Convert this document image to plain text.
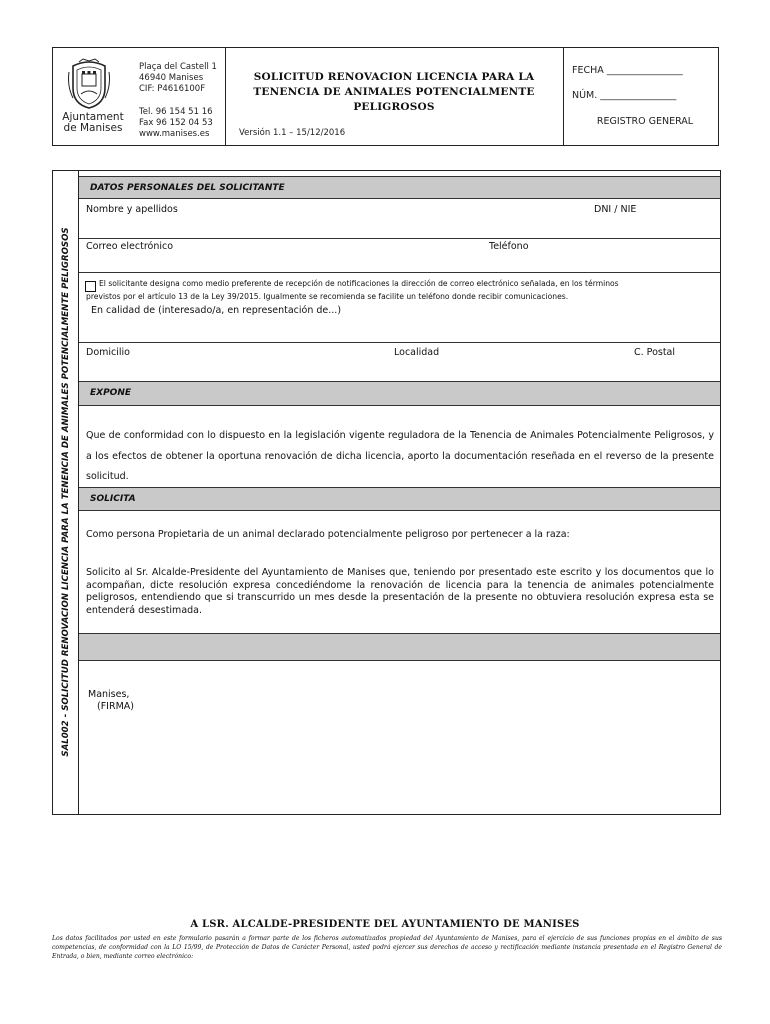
Ajuntament
de Manises
Plaça del Castell 1
46940 Manises
CIF: P4616100F
Tel. 96 154 51 16
Fax 96 152 04 53
www.manises.es
SOLICITUD RENOVACION LICENCIA PARA LA
TENENCIA DE ANIMALES POTENCIALMENTE
PELIGROSOS
Versión 1.1 – 15/12/2016
FECHA ________________
NÚM. ________________
REGISTRO GENERAL
SAL002 - SOLICITUD RENOVACION LICENCIA PARA LA TENENCIA DE ANIMALES POTENCIALMENTE PELIGROSOS
DATOS PERSONALES DEL SOLICITANTE
Nombre y apellidos	DNI / NIE
Correo electrónico	Teléfono
El solicitante designa como medio preferente de recepción de notificaciones la dirección de correo electrónico señalada, en los términos
previstos por el artículo 13 de la Ley 39/2015. Igualmente se recomienda se facilite un teléfono donde recibir comunicaciones.
En calidad de (interesado/a, en representación de...)
Domicilio	Localidad	C. Postal
EXPONE
Que de conformidad con lo dispuesto en la legislación vigente reguladora de la Tenencia de Animales Potencialmente Peligrosos, y a los efectos de obtener la oportuna renovación de dicha licencia, aporto la documentación reseñada en el reverso de la presente solicitud.
SOLICITA
Como persona Propietaria de un animal declarado potencialmente peligroso por pertenecer a la raza:
Solicito al Sr. Alcalde-Presidente del Ayuntamiento de Manises que, teniendo por presentado este escrito y los documentos que lo acompañan, dicte resolución expresa concediéndome la renovación de licencia para la tenencia de animales potencialmente peligrosos, entendiendo que si transcurrido un mes desde la presentación de la presente no obtuviera resolución expresa esta se entenderá desestimada.
Manises,
(FIRMA)
A LSR. ALCALDE-PRESIDENTE DEL AYUNTAMIENTO DE MANISES
Los datos facilitados por usted en este formulario pasarán a formar parte de los ficheros automatizados propiedad del Ayuntamiento de Manises, para el ejercicio de sus funciones propias en el ámbito de sus competencias, de conformidad con la LO 15/99, de Protección de Datos de Carácter Personal, usted podrá ejercer sus derechos de acceso y rectificación mediante instancia presentada en el Registro General de Entrada, o bien, mediante correo electrónico:
